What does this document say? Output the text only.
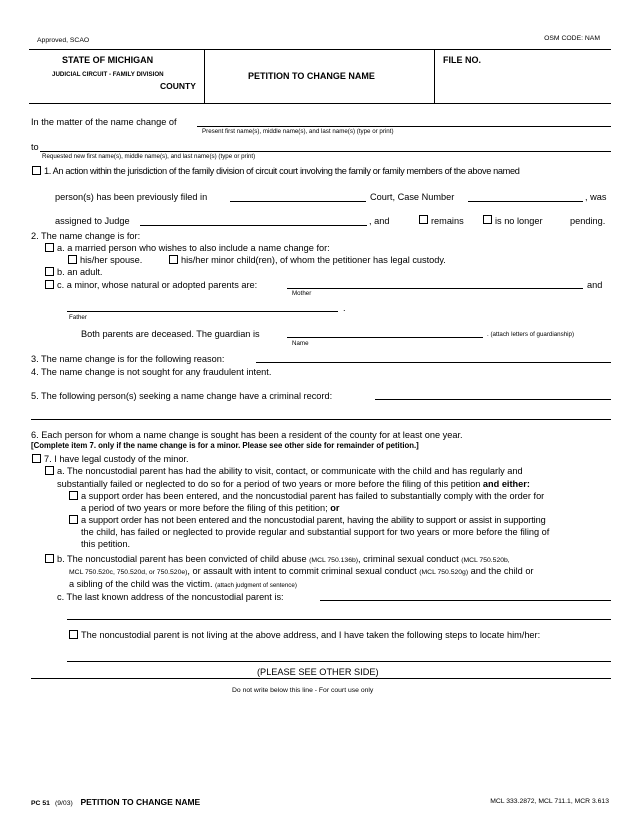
Approved, SCAO	OSM CODE: NAM
STATE OF MICHIGAN
JUDICIAL CIRCUIT - FAMILY DIVISION
COUNTY
PETITION TO CHANGE NAME
FILE NO.
In the matter of the name change of
Present first name(s), middle name(s), and last name(s) (type or print)
to
Requested new first name(s), middle name(s), and last name(s) (type or print)
1. An action within the jurisdiction of the family division of circuit court involving the family or family members of the above named
person(s) has been previously filed in	Court, Case Number	, was
assigned to Judge	, and	remains	is no longer	pending.
2. The name change is for:
a. a married person who wishes to also include a name change for:
his/her spouse.	his/her minor child(ren), of whom the petitioner has legal custody.
b. an adult.
c. a minor, whose natural or adopted parents are:	and
Mother
.
Father
Both parents are deceased. The guardian is	. (attach letters of guardianship)
Name
3. The name change is for the following reason:
4. The name change is not sought for any fraudulent intent.
5. The following person(s) seeking a name change have a criminal record:
6. Each person for whom a name change is sought has been a resident of the county for at least one year.
[Complete item 7. only if the name change is for a minor. Please see other side for remainder of petition.]
7. I have legal custody of the minor.
a. The noncustodial parent has had the ability to visit, contact, or communicate with the child and has regularly and
substantially failed or neglected to do so for a period of two years or more before the filing of this petition and either:
a support order has been entered, and the noncustodial parent has failed to substantially comply with the order for
a period of two years or more before the filing of this petition; or
a support order has not been entered and the noncustodial parent, having the ability to support or assist in supporting
the child, has failed or neglected to provide regular and substantial support for two years or more before the filing of
this petition.
b. The noncustodial parent has been convicted of child abuse (MCL 750.136b), criminal sexual conduct (MCL 750.520b,
MCL 750.520c, 750.520d, or 750.520e), or assault with intent to commit criminal sexual conduct (MCL 750.520g) and the child or
a sibling of the child was the victim. (attach judgment of sentence)
c. The last known address of the noncustodial parent is:
The noncustodial parent is not living at the above address, and I have taken the following steps to locate him/her:
(PLEASE SEE OTHER SIDE)
Do not write below this line - For court use only
PC 51 (9/03) PETITION TO CHANGE NAME	MCL 333.2872, MCL 711.1, MCR 3.613
